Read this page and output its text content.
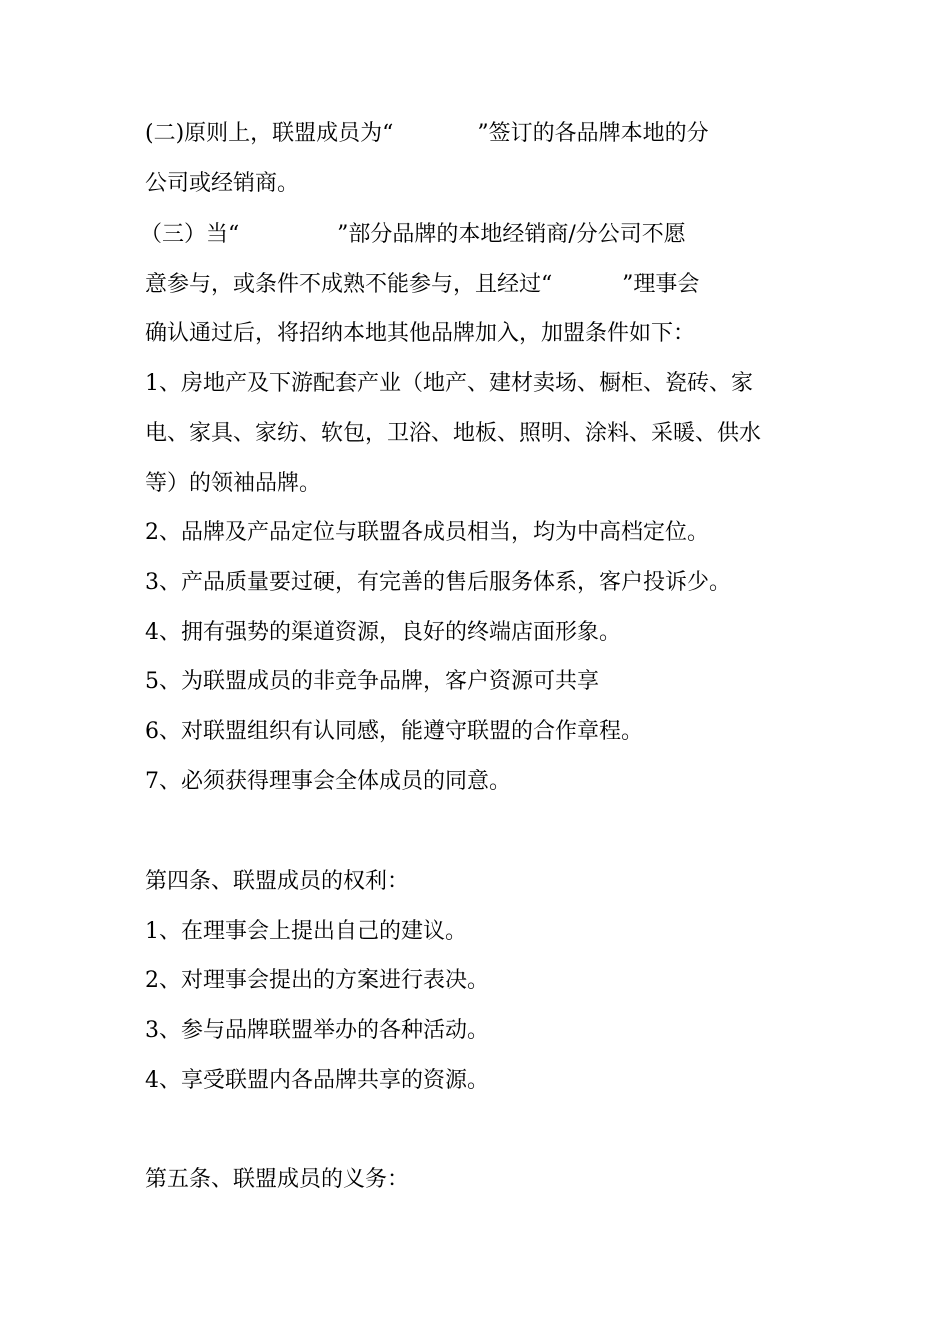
(二)原则上，联盟成员为“            ”签订的各品牌本地的分

公司或经销商。

（三）当“              ”部分品牌的本地经销商/分公司不愿

意参与，或条件不成熟不能参与，且经过“          ”理事会

确认通过后，将招纳本地其他品牌加入，加盟条件如下：

1、房地产及下游配套产业（地产、建材卖场、橱柜、瓷砖、家

电、家具、家纺、软包，卫浴、地板、照明、涂料、采暖、供水

等）的领袖品牌。

2、品牌及产品定位与联盟各成员相当，均为中高档定位。

3、产品质量要过硬，有完善的售后服务体系，客户投诉少。

4、拥有强势的渠道资源，良好的终端店面形象。

5、为联盟成员的非竞争品牌，客户资源可共享

6、对联盟组织有认同感，能遵守联盟的合作章程。

7、必须获得理事会全体成员的同意。

第四条、联盟成员的权利：

1、在理事会上提出自己的建议。

2、对理事会提出的方案进行表决。

3、参与品牌联盟举办的各种活动。

4、享受联盟内各品牌共享的资源。

第五条、联盟成员的义务：
